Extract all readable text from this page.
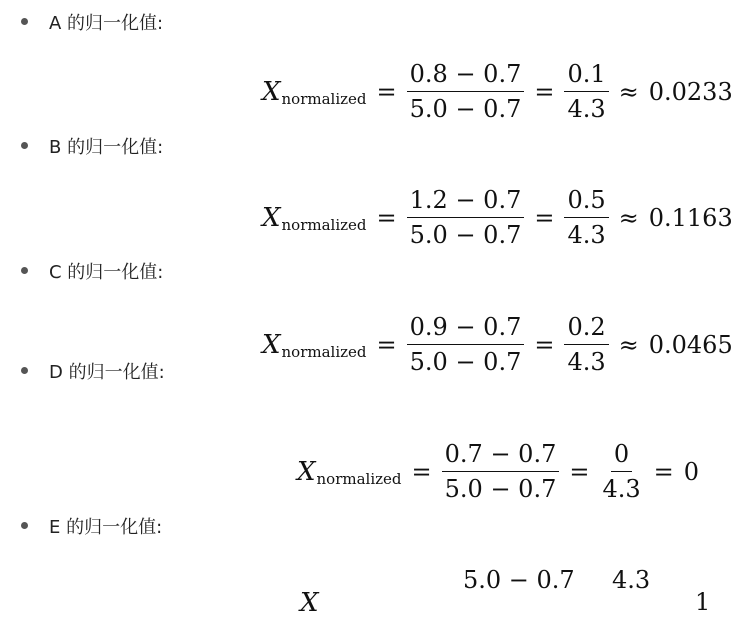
A 的归一化值:
X normalized = $\frac{0.8 - 0.7}{5.0 - 0.7} = \frac{0.1}{4.3} \approx 0.0233$
B 的归一化值:
X normalized = $\frac{1.2 - 0.7}{5.0 - 0.7} = \frac{0.5}{4.3} \approx 0.1163$
C 的归一化值:
X normalized = $\frac{0.9 - 0.7}{5.0 - 0.7} = \frac{0.2}{4.3} \approx 0.0465$
D 的归一化值:
X normalized = $\frac{0.7 - 0.7}{5.0 - 0.7} = \frac{0}{4.3} = 0$
E 的归一化值:
X
5.0 − 0.7 4.3
1
